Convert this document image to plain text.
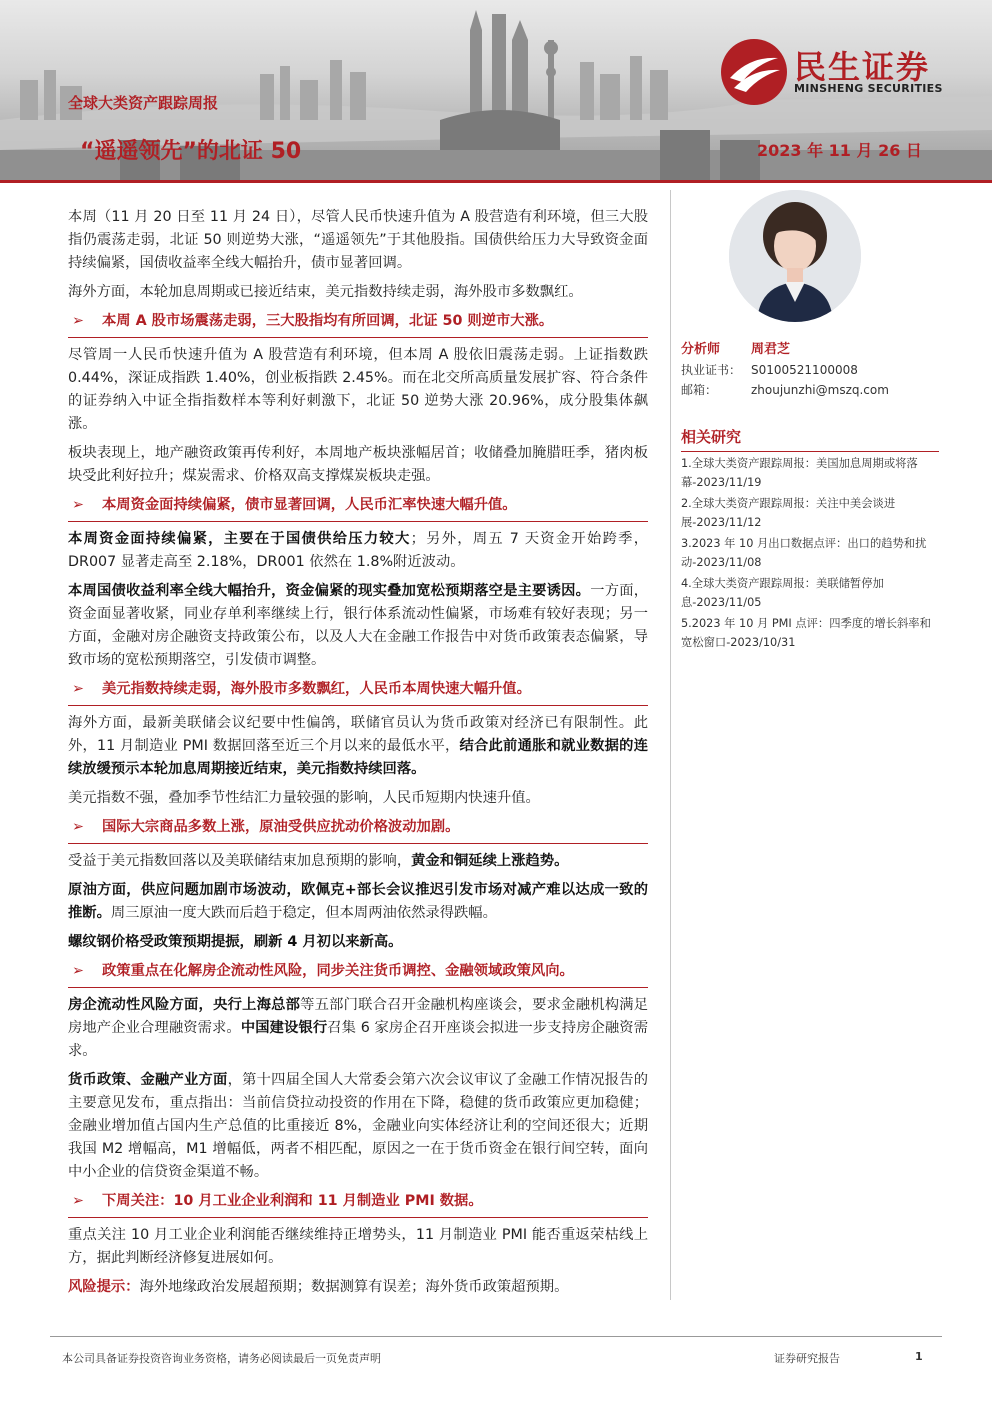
民生证券
MINSHENG SECURITIES
全球大类资产跟踪周报
“遥遥领先”的北证 50	2023 年 11 月 26 日
本周（11 月 20 日至 11 月 24 日），尽管人民币快速升值为 A 股营造有利环境，但三大股指仍震荡走弱，北证 50 则逆势大涨，“遥遥领先”于其他股指。国债供给压力大导致资金面持续偏紧，国债收益率全线大幅抬升，债市显著回调。
海外方面，本轮加息周期或已接近结束，美元指数持续走弱，海外股市多数飘红。
➢ 本周 A 股市场震荡走弱，三大股指均有所回调，北证 50 则逆市大涨。
尽管周一人民币快速升值为 A 股营造有利环境，但本周 A 股依旧震荡走弱。上证指数跌 0.44%，深证成指跌 1.40%，创业板指跌 2.45%。而在北交所高质量发展扩容、符合条件的证券纳入中证全指指数样本等利好刺激下，北证 50 逆势大涨 20.96%，成分股集体飙涨。
板块表现上，地产融资政策再传利好，本周地产板块涨幅居首；收储叠加腌腊旺季，猪肉板块受此利好拉升；煤炭需求、价格双高支撑煤炭板块走强。
➢ 本周资金面持续偏紧，债市显著回调，人民币汇率快速大幅升值。
本周资金面持续偏紧，主要在于国债供给压力较大；另外，周五 7 天资金开始跨季，DR007 显著走高至 2.18%，DR001 依然在 1.8%附近波动。
本周国债收益利率全线大幅抬升，资金偏紧的现实叠加宽松预期落空是主要诱因。一方面，资金面显著收紧，同业存单利率继续上行，银行体系流动性偏紧，市场难有较好表现；另一方面，金融对房企融资支持政策公布，以及人大在金融工作报告中对货币政策表态偏紧，导致市场的宽松预期落空，引发债市调整。
➢ 美元指数持续走弱，海外股市多数飘红，人民币本周快速大幅升值。
海外方面，最新美联储会议纪要中性偏鸽，联储官员认为货币政策对经济已有限制性。此外，11 月制造业 PMI 数据回落至近三个月以来的最低水平，结合此前通胀和就业数据的连续放缓预示本轮加息周期接近结束，美元指数持续回落。
美元指数不强，叠加季节性结汇力量较强的影响，人民币短期内快速升值。
➢ 国际大宗商品多数上涨，原油受供应扰动价格波动加剧。
受益于美元指数回落以及美联储结束加息预期的影响，黄金和铜延续上涨趋势。
原油方面，供应问题加剧市场波动，欧佩克+部长会议推迟引发市场对减产难以达成一致的推断。周三原油一度大跌而后趋于稳定，但本周两油依然录得跌幅。
螺纹钢价格受政策预期提振，刷新 4 月初以来新高。
➢ 政策重点在化解房企流动性风险，同步关注货币调控、金融领域政策风向。
房企流动性风险方面，央行上海总部等五部门联合召开金融机构座谈会，要求金融机构满足房地产企业合理融资需求。中国建设银行召集 6 家房企召开座谈会拟进一步支持房企融资需求。
货币政策、金融产业方面，第十四届全国人大常委会第六次会议审议了金融工作情况报告的主要意见发布，重点指出：当前信贷拉动投资的作用在下降，稳健的货币政策应更加稳健；金融业增加值占国内生产总值的比重接近 8%，金融业向实体经济让利的空间还很大；近期我国 M2 增幅高，M1 增幅低，两者不相匹配，原因之一在于货币资金在银行间空转，面向中小企业的信贷资金渠道不畅。
➢ 下周关注：10 月工业企业利润和 11 月制造业 PMI 数据。
重点关注 10 月工业企业利润能否继续维持正增势头，11 月制造业 PMI 能否重返荣枯线上方，据此判断经济修复进展如何。
风险提示：海外地缘政治发展超预期；数据测算有误差；海外货币政策超预期。
分析师	周君芝
执业证书： S0100521100008
邮箱：	zhoujunzhi@mszq.com
相关研究
1.全球大类资产跟踪周报：美国加息周期或将落幕-2023/11/19
2.全球大类资产跟踪周报：关注中美会谈进展-2023/11/12
3.2023 年 10 月出口数据点评：出口的趋势和扰动-2023/11/08
4.全球大类资产跟踪周报：美联储暂停加息-2023/11/05
5.2023 年 10 月 PMI 点评：四季度的增长斜率和宽松窗口-2023/10/31
本公司具备证券投资咨询业务资格，请务必阅读最后一页免责声明	证券研究报告	1
